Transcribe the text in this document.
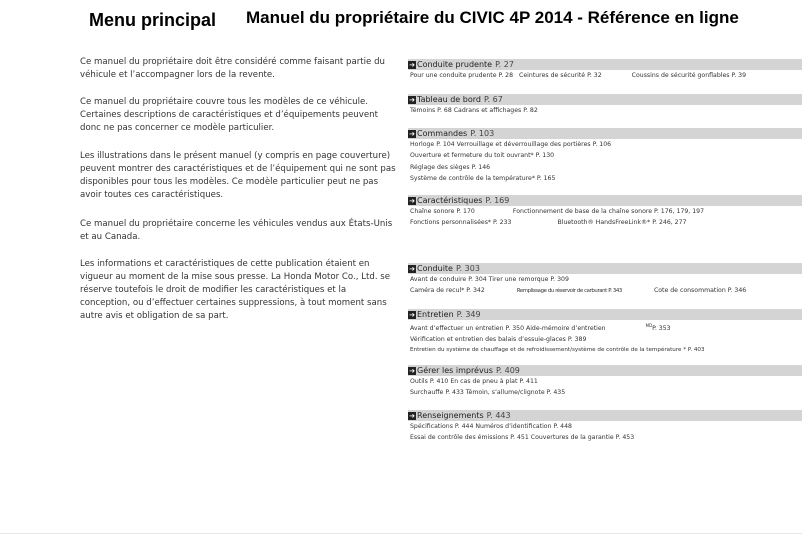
Menu principal Manuel du propriétaire du CIVIC 4P 2014 - Référence en ligne

Ce manuel du propriétaire doit être considéré comme faisant partie du véhicule et l’accompagner lors de la revente.

Ce manuel du propriétaire couvre tous les modèles de ce véhicule. Certaines descriptions de caractéristiques et d’équipements peuvent donc ne pas concerner ce modèle particulier.

Les illustrations dans le présent manuel (y compris en page couverture) peuvent montrer des caractéristiques et de l’équipement qui ne sont pas disponibles pour tous les modèles. Ce modèle particulier peut ne pas avoir toutes ces caractéristiques.

Ce manuel du propriétaire concerne les véhicules vendus aux États-Unis et au Canada.

Les informations et caractéristiques de cette publication étaient en vigueur au moment de la mise sous presse. La Honda Motor Co., Ltd. se réserve toutefois le droit de modifier les caractéristiques et la conception, ou d’effectuer certaines suppressions, à tout moment sans autre avis et obligation de sa part.

➔ Conduite prudente P. 27
Pour une conduite prudente P. 28 Ceintures de sécurité P. 32	Coussins de sécurité gonflables P. 39
➔ Tableau de bord P. 67
Témoins P. 68 Cadrans et affichages P. 82
➔ Commandes P. 103
Horloge P. 104 Verrouillage et déverrouillage des portières P. 106
Ouverture et fermeture du toit ouvrant* P. 130
Réglage des sièges P. 146
Système de contrôle de la température* P. 165
➔ Caractéristiques P. 169
Chaîne sonore P. 170	Fonctionnement de base de la chaîne sonore P. 176, 179, 197
Fonctions personnalisées* P. 233	Bluetooth® HandsFreeLink®* P. 246, 277
➔ Conduite P. 303
Avant de conduire P. 304 Tirer une remorque P. 309
Caméra de recul* P. 342	Remplissage du réservoir de carburant P. 343	Cote de consommation P. 346
➔ Entretien P. 349
Avant d’effectuer un entretien P. 350 Aide-mémoire d’entretien	$^{MD}$P. 353
Vérification et entretien des balais d’essuie-glaces P. 389
Entretien du système de chauffage et de refroidissement/système de contrôle de la température * P. 403
➔ Gérer les imprévus P. 409
Outils P. 410 En cas de pneu à plat P. 411
Surchauffe P. 433 Témoin, s’allume/clignote P. 435
➔ Renseignements P. 443
Spécifications P. 444 Numéros d’identification P. 448
Essai de contrôle des émissions P. 451 Couvertures de la garantie P. 453
